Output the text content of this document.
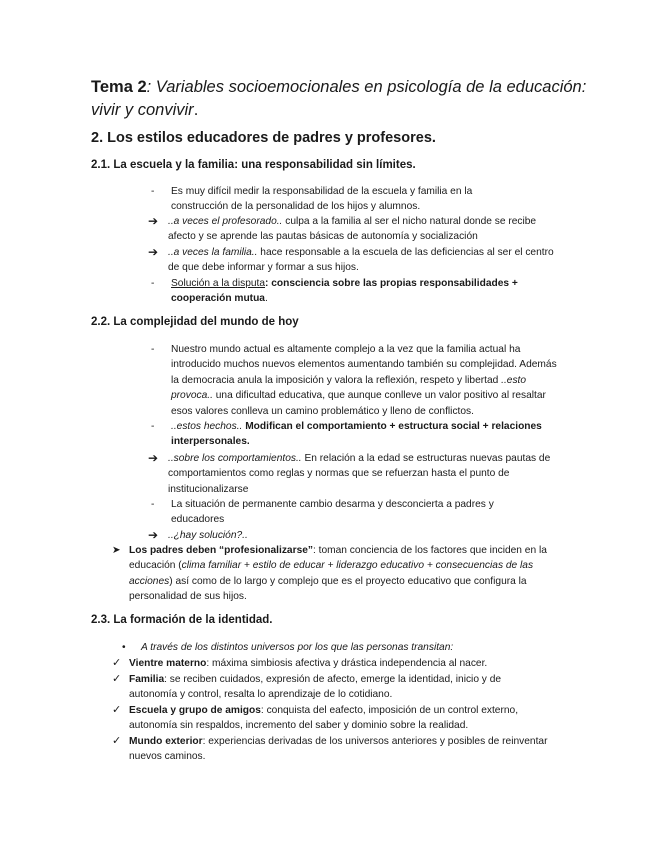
Tema 2: Variables socioemocionales en psicología de la educación: vivir y convivir.
2. Los estilos educadores de padres y profesores.
2.1. La escuela y la familia: una responsabilidad sin límites.
- Es muy difícil medir la responsabilidad de la escuela y familia en la construcción de la personalidad de los hijos y alumnos.
➔ ..a veces el profesorado.. culpa a la familia al ser el nicho natural donde se recibe afecto y se aprende las pautas básicas de autonomía y socialización
➔ ..a veces la familia.. hace responsable a la escuela de las deficiencias al ser el centro de que debe informar y formar a sus hijos.
- Solución a la disputa: consciencia sobre las propias responsabilidades + cooperación mutua.
2.2. La complejidad del mundo de hoy
- Nuestro mundo actual es altamente complejo a la vez que la familia actual ha introducido muchos nuevos elementos aumentando también su complejidad. Además la democracia anula la imposición y valora la reflexión, respeto y libertad ..esto provoca.. una dificultad educativa, que aunque conlleve un valor positivo al resaltar esos valores conlleva un camino problemático y lleno de conflictos.
- ..estos hechos.. Modifican el comportamiento + estructura social + relaciones interpersonales.
➔ ..sobre los comportamientos.. En relación a la edad se estructuras nuevas pautas de comportamientos como reglas y normas que se refuerzan hasta el punto de institucionalizarse
- La situación de permanente cambio desarma y desconcierta a padres y educadores
➔ ..¿hay solución?..
➤ Los padres deben “profesionalizarse”: toman conciencia de los factores que inciden en la educación (clima familiar + estilo de educar + liderazgo educativo + consecuencias de las acciones) así como de lo largo y complejo que es el proyecto educativo que configura la personalidad de sus hijos.
2.3. La formación de la identidad.
• A través de los distintos universos por los que las personas transitan:
✓ Vientre materno: máxima simbiosis afectiva y drástica independencia al nacer.
✓ Familia: se reciben cuidados, expresión de afecto, emerge la identidad, inicio y de autonomía y control, resalta lo aprendizaje de lo cotidiano.
✓ Escuela y grupo de amigos: conquista del eafecto, imposición de un control externo, autonomía sin respaldos, incremento del saber y dominio sobre la realidad.
✓ Mundo exterior: experiencias derivadas de los universos anteriores y posibles de reinventar nuevos caminos.
